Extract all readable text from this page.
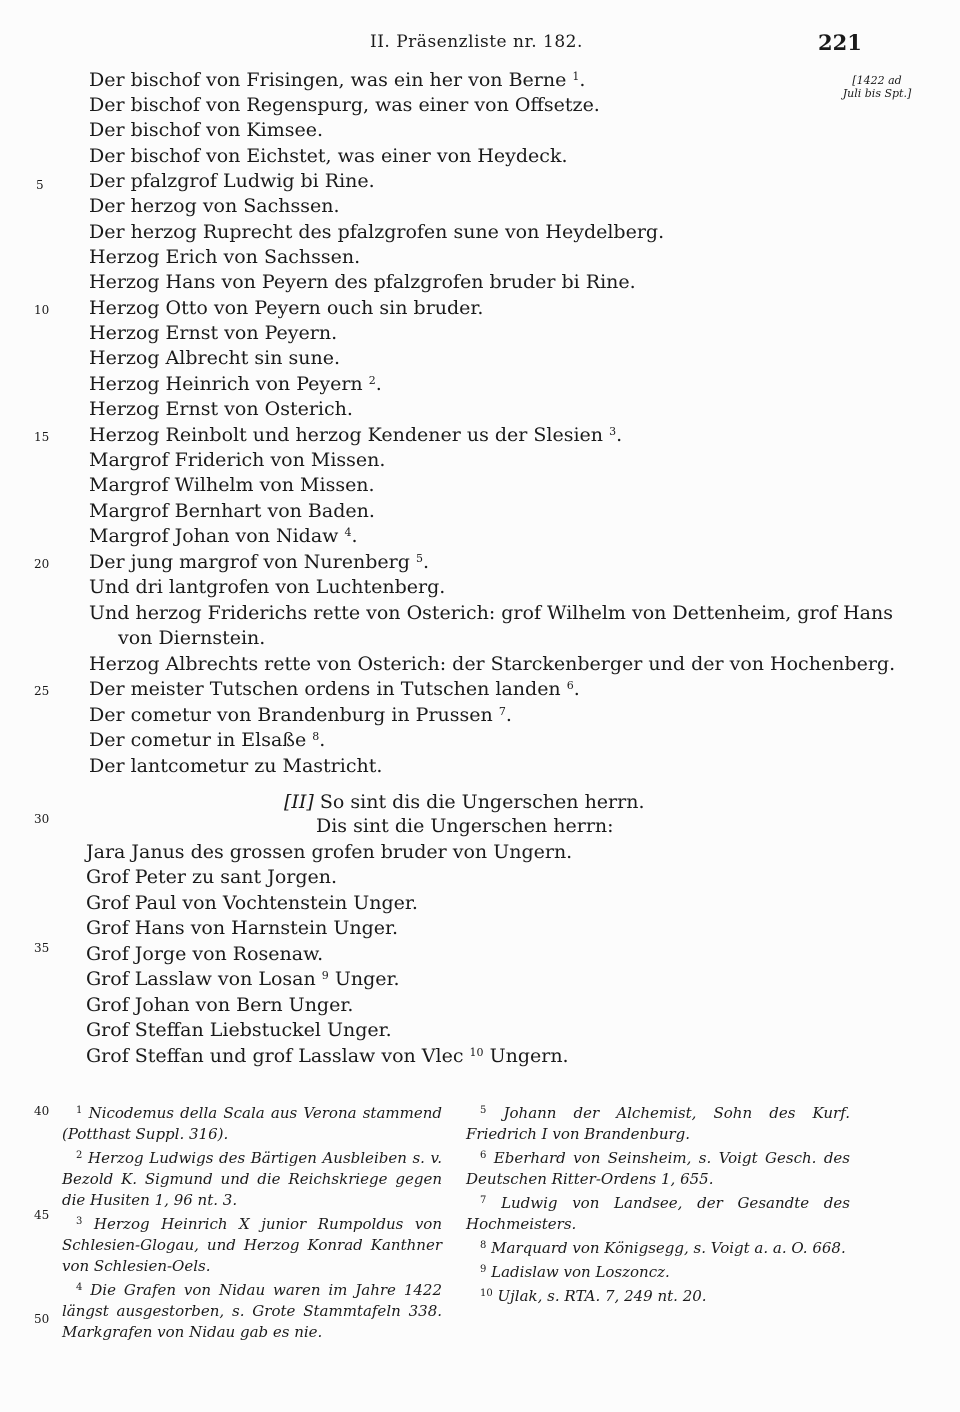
II. Präsenzliste nr. 182.	221
[1422 ad Juli bis Spt.]
5
10
15
20
25
30
35
40
45
50
Der bischof von Frisingen, was ein her von Berne $^1$.
Der bischof von Regenspurg, was einer von Offsetze.
Der bischof von Kimsee.
Der bischof von Eichstet, was einer von Heydeck.
Der pfalzgrof Ludwig bi Rine.
Der herzog von Sachssen.
Der herzog Ruprecht des pfalzgrofen sune von Heydelberg.
Herzog Erich von Sachssen.
Herzog Hans von Peyern des pfalzgrofen bruder bi Rine.
Herzog Otto von Peyern ouch sin bruder.
Herzog Ernst von Peyern.
Herzog Albrecht sin sune.
Herzog Heinrich von Peyern $^2$.
Herzog Ernst von Osterich.
Herzog Reinbolt und herzog Kendener us der Slesien $^3$.
Margrof Friderich von Missen.
Margrof Wilhelm von Missen.
Margrof Bernhart von Baden.
Margrof Johan von Nidaw $^4$.
Der jung margrof von Nurenberg $^5$.
Und dri lantgrofen von Luchtenberg.
Und herzog Friderichs rette von Osterich: grof Wilhelm von Dettenheim, grof Hans
von Diernstein.
Herzog Albrechts rette von Osterich: der Starckenberger und der von Hochenberg.
Der meister Tutschen ordens in Tutschen landen $^6$.
Der cometur von Brandenburg in Prussen $^7$.
Der cometur in Elsaße $^8$.
Der lantcometur zu Mastricht.
[II] So sint dis die Ungerschen herrn.
Dis sint die Ungerschen herrn:
Jara Janus des grossen grofen bruder von Ungern.
Grof Peter zu sant Jorgen.
Grof Paul von Vochtenstein Unger.
Grof Hans von Harnstein Unger.
Grof Jorge von Rosenaw.
Grof Lasslaw von Losan $^9$ Unger.
Grof Johan von Bern Unger.
Grof Steffan Liebstuckel Unger.
Grof Steffan und grof Lasslaw von Vlec $^{10}$ Ungern.

$^1$ Nicodemus della Scala aus Verona stammend (Potthast Suppl. 316).

$^2$ Herzog Ludwigs des Bärtigen Ausbleiben s. v. Bezold K. Sigmund und die Reichskriege gegen die Husiten 1, 96 nt. 3.

$^3$ Herzog Heinrich X junior Rumpoldus von Schlesien-Glogau, und Herzog Konrad Kanthner von Schlesien-Oels.

$^4$ Die Grafen von Nidau waren im Jahre 1422 längst ausgestorben, s. Grote Stammtafeln 338. Markgrafen von Nidau gab es nie.

$^5$ Johann der Alchemist, Sohn des Kurf. Friedrich I von Brandenburg.

$^6$ Eberhard von Seinsheim, s. Voigt Gesch. des Deutschen Ritter-Ordens 1, 655.

$^7$ Ludwig von Landsee, der Gesandte des Hochmeisters.

$^8$ Marquard von Königsegg, s. Voigt a. a. O. 668.

$^9$ Ladislaw von Loszoncz.

$^{10}$ Ujlak, s. RTA. 7, 249 nt. 20.
